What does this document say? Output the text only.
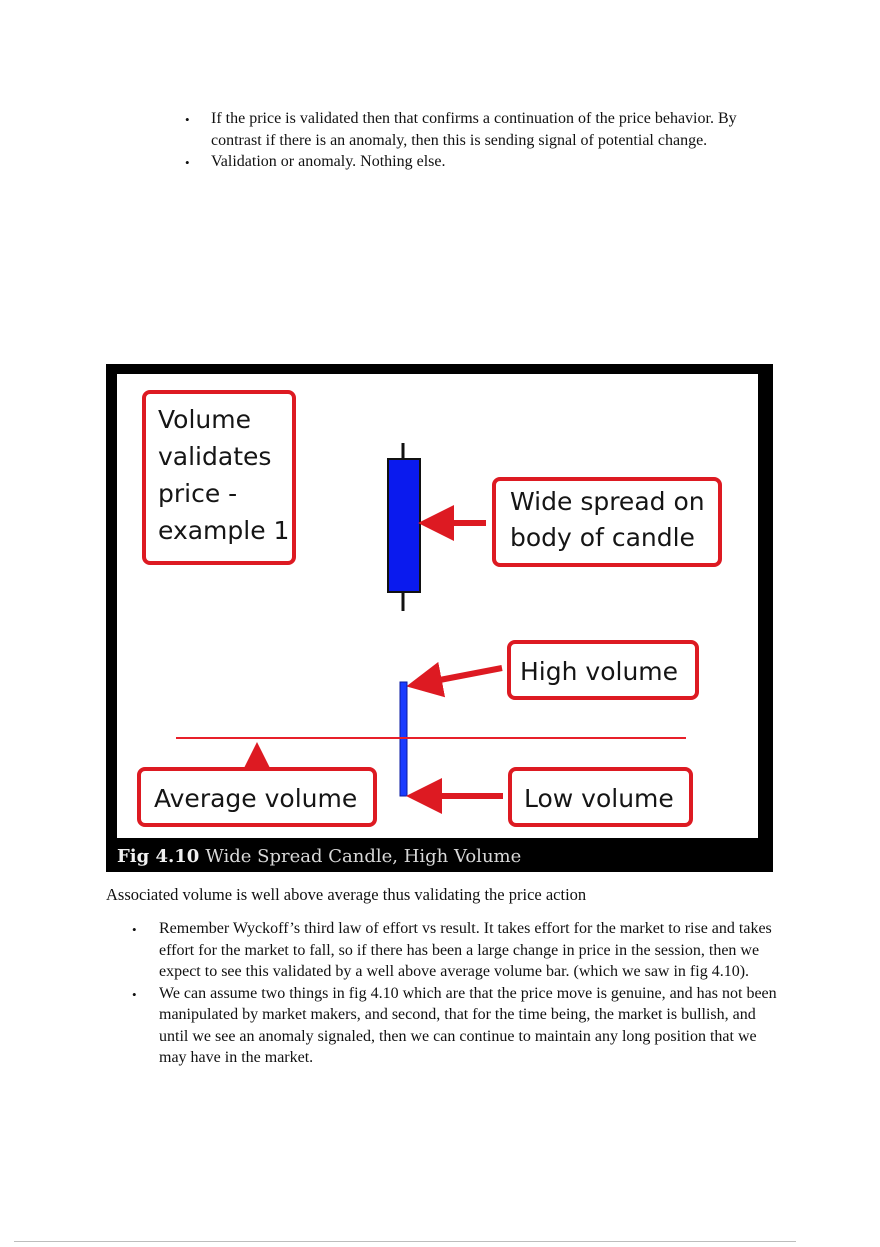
• If the price is validated then that confirms a continuation of the price behavior. By contrast if there is an anomaly, then this is sending signal of potential change.
• Validation or anomaly. Nothing else.
Volume
validates
price -
example 1
Wide spread on
body of candle
High volume
Average volume	Low volume
Fig 4.10 Wide Spread Candle, High Volume
Associated volume is well above average thus validating the price action
• Remember Wyckoff’s third law of effort vs result. It takes effort for the market to rise and takes effort for the market to fall, so if there has been a large change in price in the session, then we expect to see this validated by a well above average volume bar. (which we saw in fig 4.10).
• We can assume two things in fig 4.10 which are that the price move is genuine, and has not been manipulated by market makers, and second, that for the time being, the market is bullish, and until we see an anomaly signaled, then we can continue to maintain any long position that we may have in the market.
